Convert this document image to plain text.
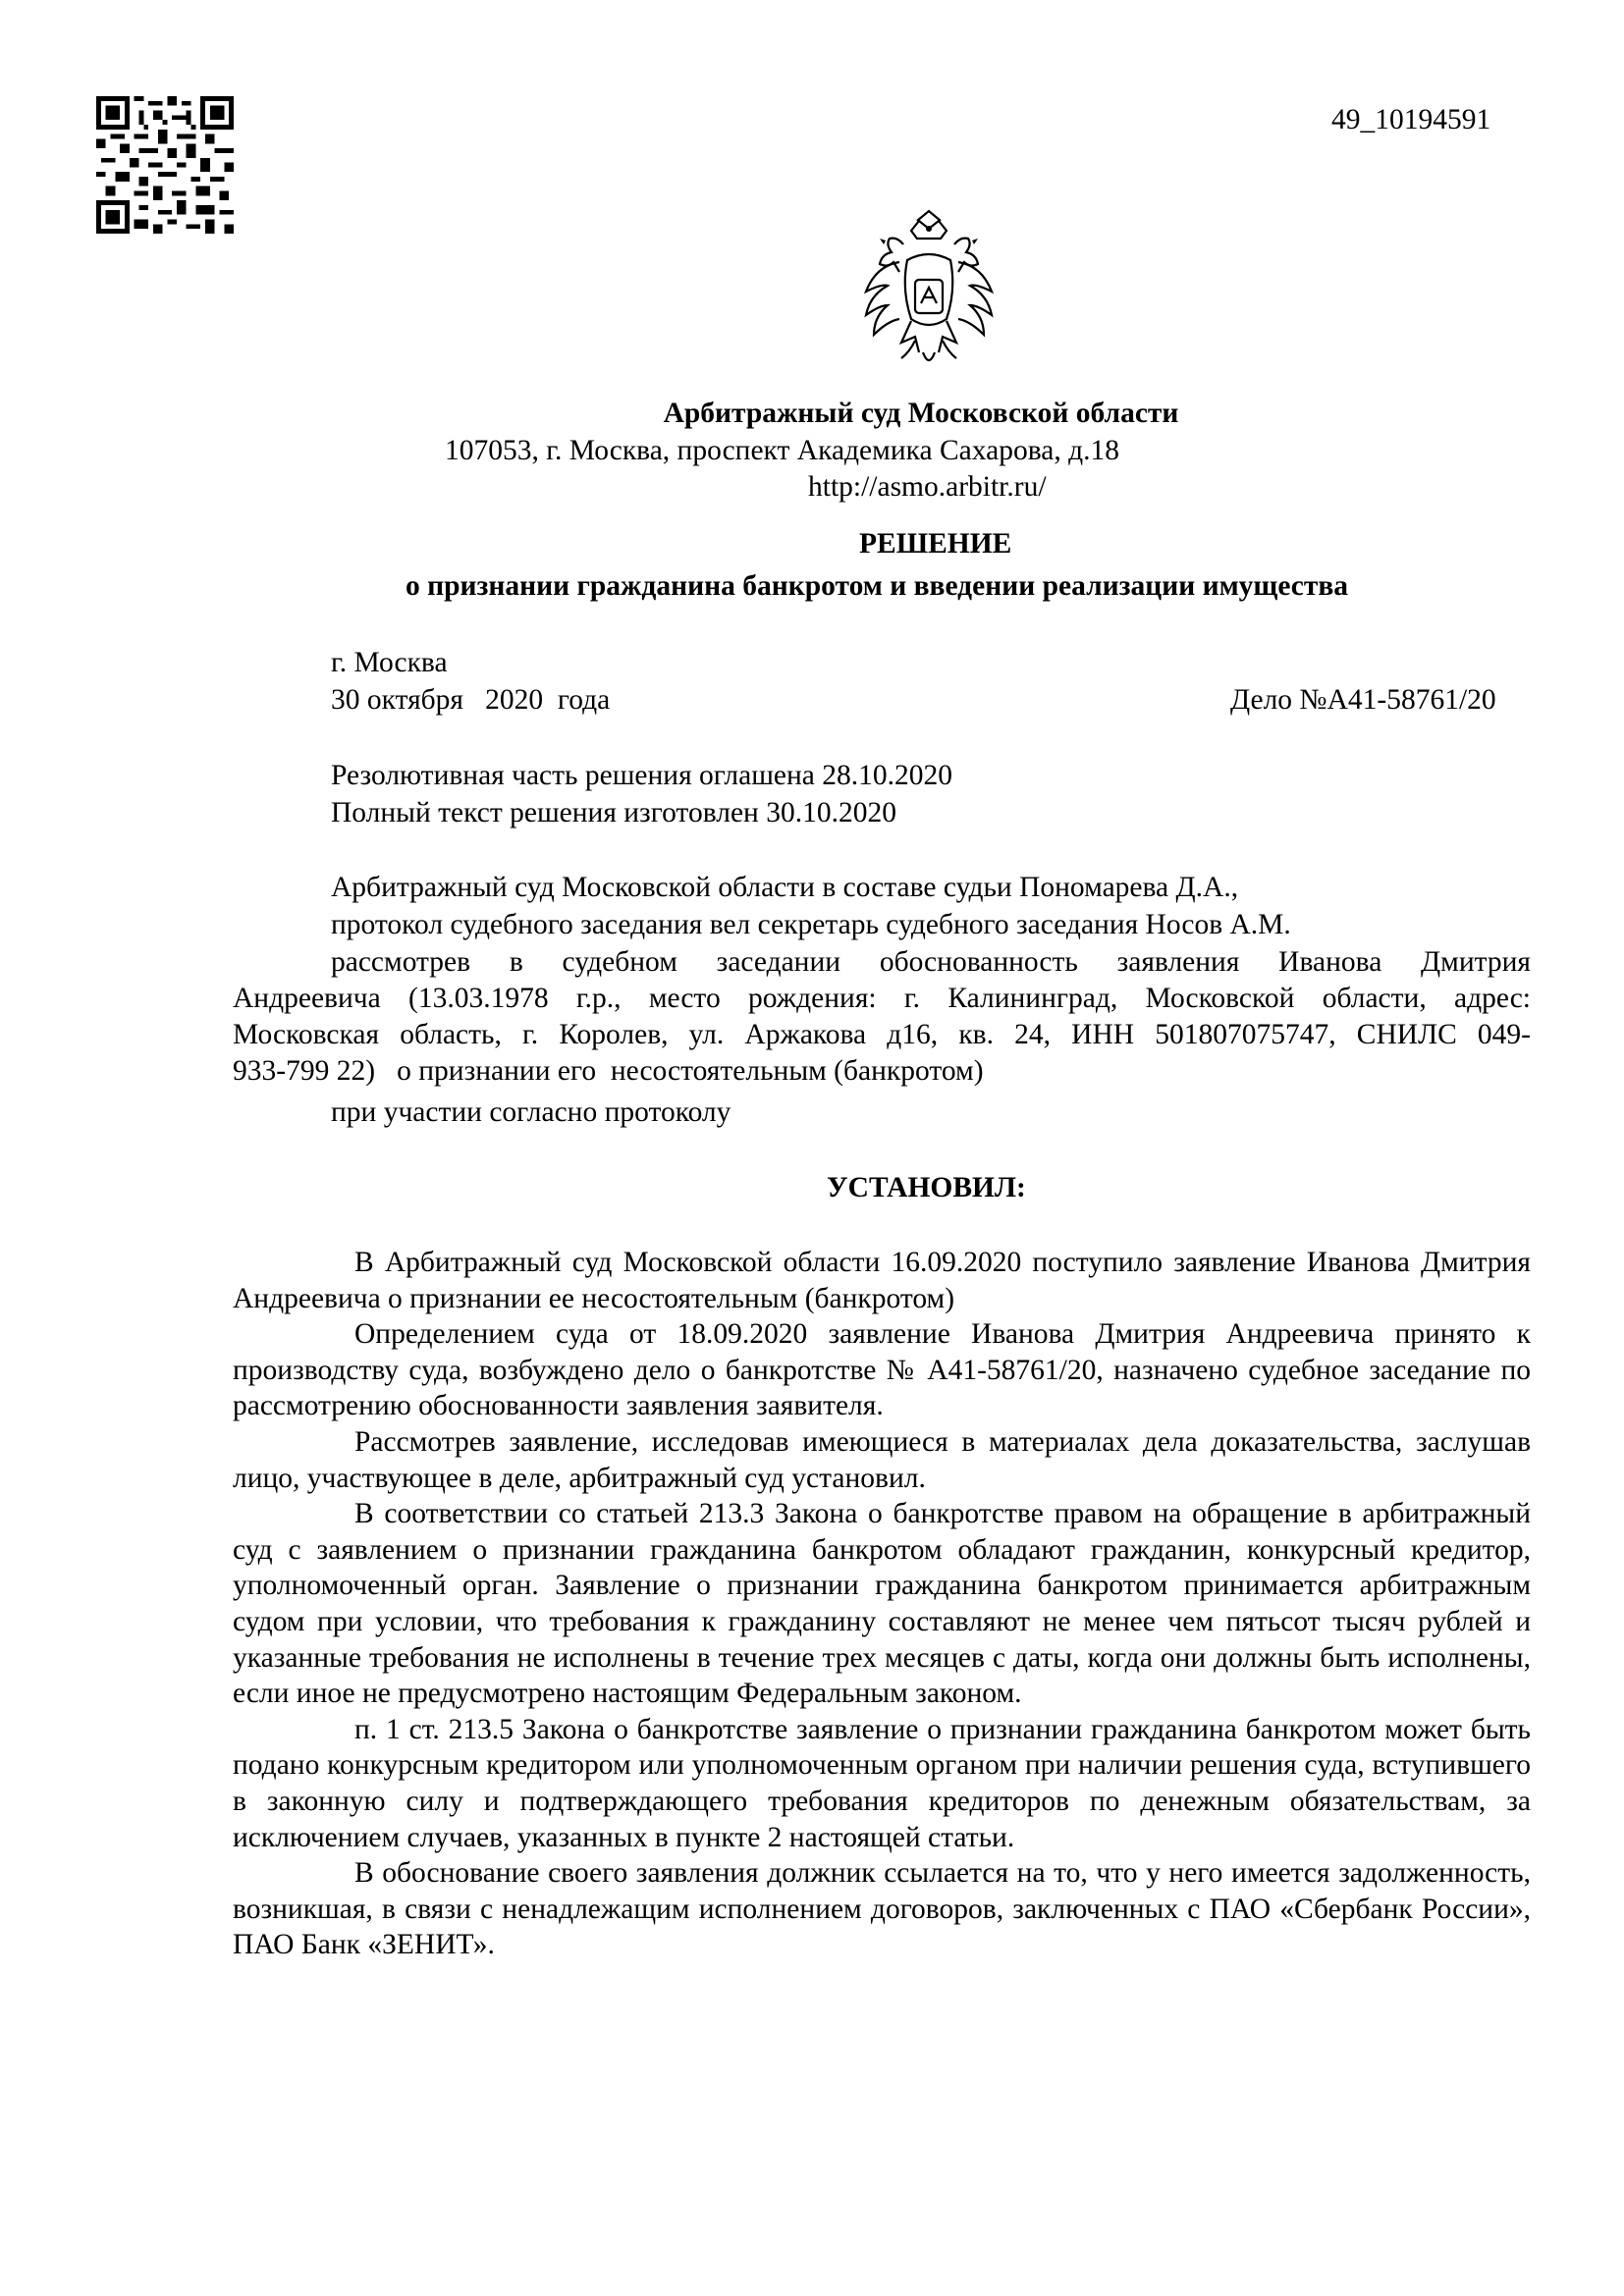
49_10194591
Арбитражный суд Московской области
107053, г. Москва, проспект Академика Сахарова, д.18
http://asmo.arbitr.ru/
РЕШЕНИЕ
о признании гражданина банкротом и введении реализации имущества
г. Москва
30 октября   2020  года	Дело №А41-58761/20
Резолютивная часть решения оглашена 28.10.2020
Полный текст решения изготовлен 30.10.2020
Арбитражный суд Московской области в составе судьи Пономарева Д.А.,
протокол судебного заседания вел секретарь судебного заседания Носов А.М.
рассмотрев в судебном заседании обоснованность заявления Иванова Дмитрия
Андреевича (13.03.1978 г.р., место рождения: г. Калининград, Московской области, адрес:
Московская область, г. Королев, ул. Аржакова д16, кв. 24, ИНН 501807075747, СНИЛС 049-
933-799 22)   о признании его  несостоятельным (банкротом)
при участии согласно протоколу
УСТАНОВИЛ:

В Арбитражный суд Московской области 16.09.2020 поступило заявление Иванова Дмитрия Андреевича о признании ее несостоятельным (банкротом)

Определением суда от 18.09.2020 заявление Иванова Дмитрия Андреевича принято к производству суда, возбуждено дело о банкротстве № А41-58761/20, назначено судебное заседание по рассмотрению обоснованности заявления заявителя.

Рассмотрев заявление, исследовав имеющиеся в материалах дела доказательства, заслушав лицо, участвующее в деле, арбитражный суд установил.

В соответствии со статьей 213.3 Закона о банкротстве правом на обращение в арбитражный суд с заявлением о признании гражданина банкротом обладают гражданин, конкурсный кредитор, уполномоченный орган. Заявление о признании гражданина банкротом принимается арбитражным судом при условии, что требования к гражданину составляют не менее чем пятьсот тысяч рублей и указанные требования не исполнены в течение трех месяцев с даты, когда они должны быть исполнены, если иное не предусмотрено настоящим Федеральным законом.

п. 1 ст. 213.5 Закона о банкротстве заявление о признании гражданина банкротом может быть подано конкурсным кредитором или уполномоченным органом при наличии решения суда, вступившего в законную силу и подтверждающего требования кредиторов по денежным обязательствам, за исключением случаев, указанных в пункте 2 настоящей статьи.

В обоснование своего заявления должник ссылается на то, что у него имеется задолженность, возникшая, в связи с ненадлежащим исполнением договоров, заключенных с ПАО «Сбербанк России», ПАО Банк «ЗЕНИТ».
